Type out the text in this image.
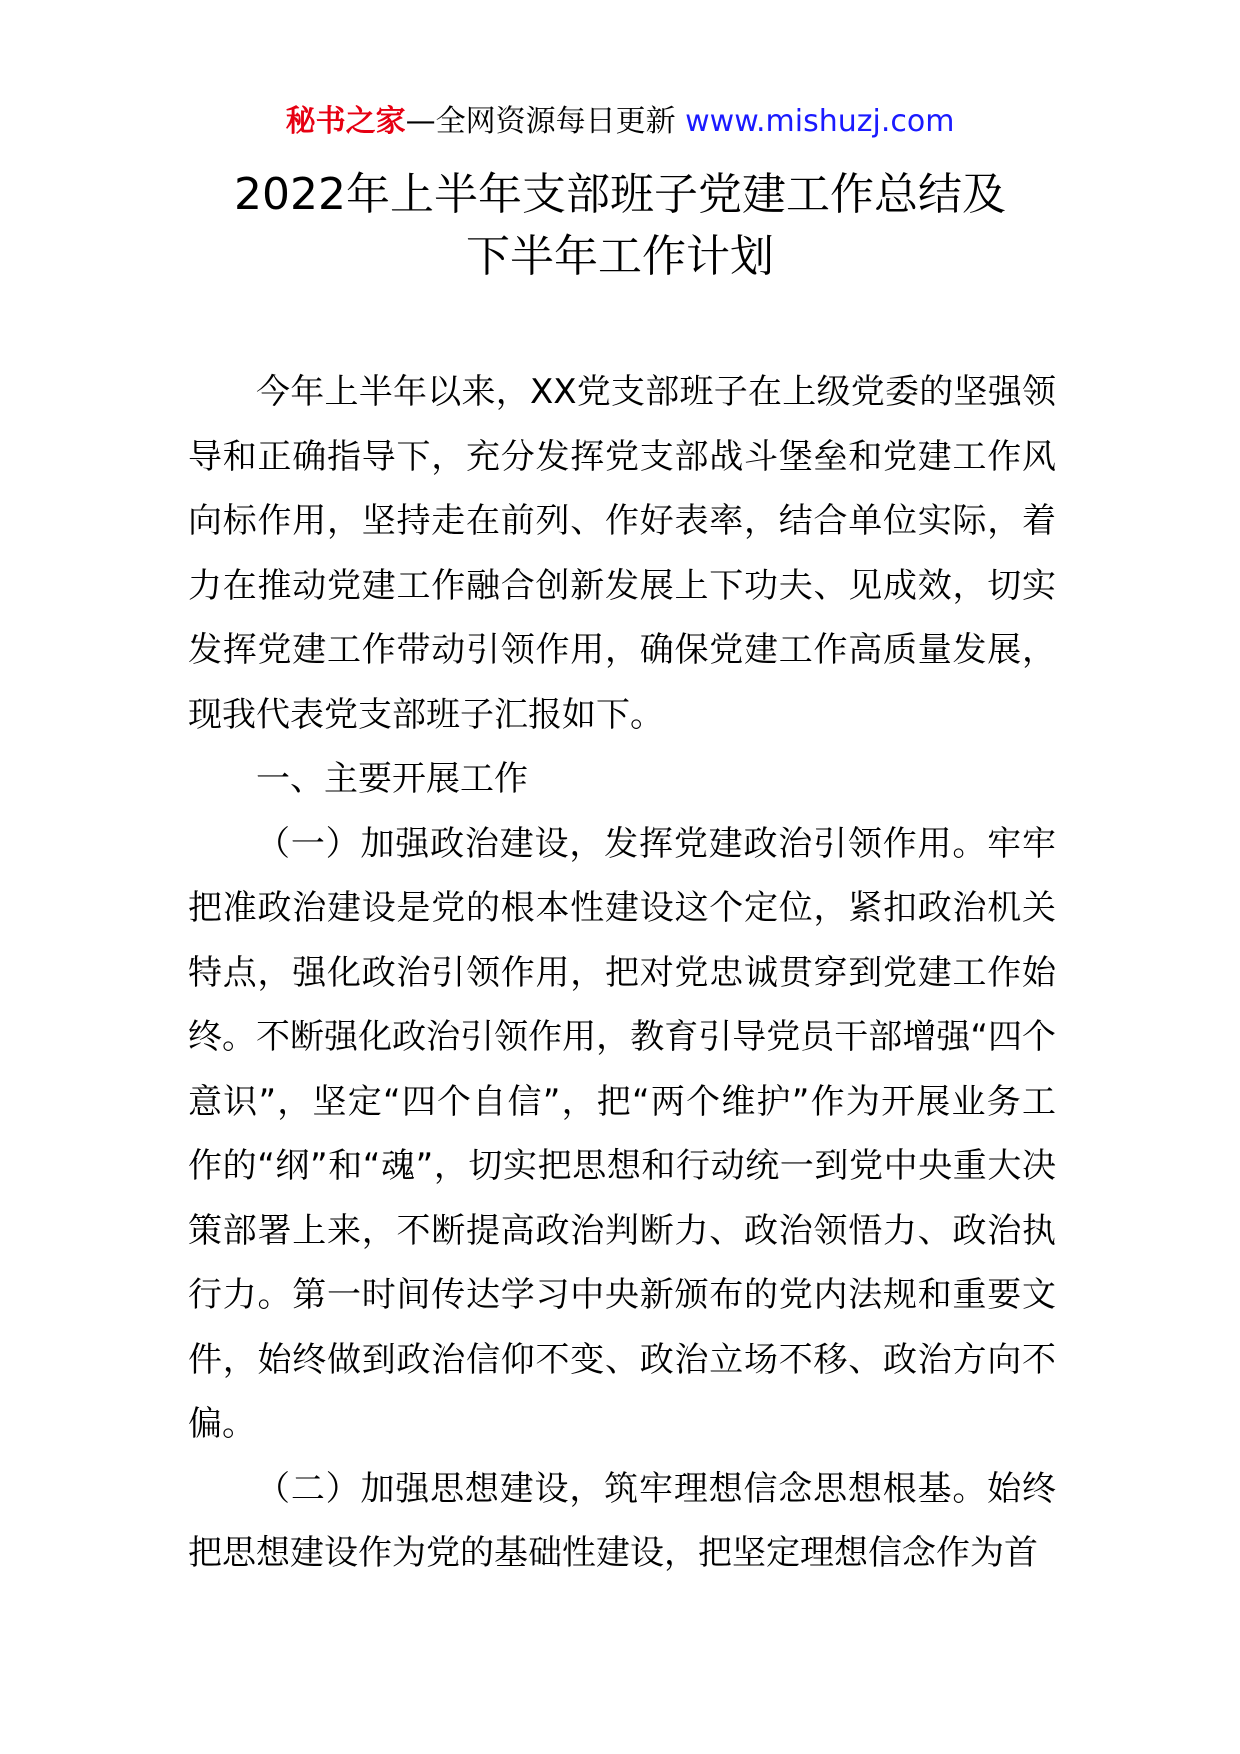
秘书之家—全网资源每日更新 www.mishuzj.com
2022年上半年支部班子党建工作总结及
下半年工作计划

今年上半年以来，XX党支部班子在上级党委的坚强领导和正确指导下，充分发挥党支部战斗堡垒和党建工作风向标作用，坚持走在前列、作好表率，结合单位实际，着力在推动党建工作融合创新发展上下功夫、见成效，切实发挥党建工作带动引领作用，确保党建工作高质量发展，现我代表党支部班子汇报如下。

一、主要开展工作

（一）加强政治建设，发挥党建政治引领作用。牢牢把准政治建设是党的根本性建设这个定位，紧扣政治机关特点，强化政治引领作用，把对党忠诚贯穿到党建工作始终。不断强化政治引领作用，教育引导党员干部增强“四个意识”，坚定“四个自信”，把“两个维护”作为开展业务工作的“纲”和“魂”，切实把思想和行动统一到党中央重大决策部署上来，不断提高政治判断力、政治领悟力、政治执行力。第一时间传达学习中央新颁布的党内法规和重要文件，始终做到政治信仰不变、政治立场不移、政治方向不偏。

（二）加强思想建设，筑牢理想信念思想根基。始终把思想建设作为党的基础性建设，把坚定理想信念作为首
